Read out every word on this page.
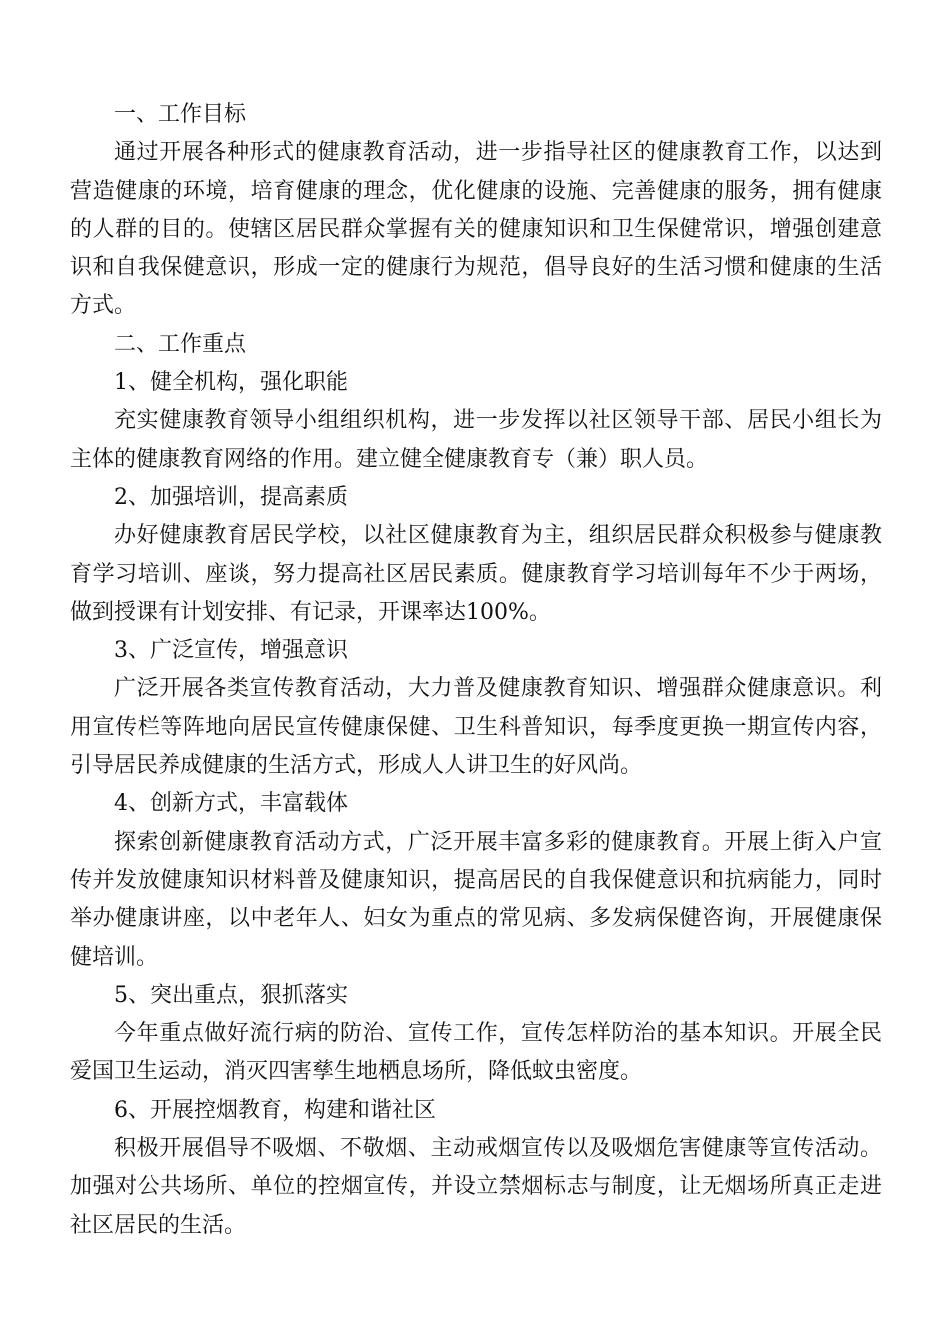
一、工作目标
通过开展各种形式的健康教育活动，进一步指导社区的健康教育工作，以达到
营造健康的环境，培育健康的理念，优化健康的设施、完善健康的服务，拥有健康
的人群的目的。使辖区居民群众掌握有关的健康知识和卫生保健常识，增强创建意
识和自我保健意识，形成一定的健康行为规范，倡导良好的生活习惯和健康的生活
方式。
二、工作重点
1、健全机构，强化职能
充实健康教育领导小组组织机构，进一步发挥以社区领导干部、居民小组长为
主体的健康教育网络的作用。建立健全健康教育专（兼）职人员。
2、加强培训，提高素质
办好健康教育居民学校，以社区健康教育为主，组织居民群众积极参与健康教
育学习培训、座谈，努力提高社区居民素质。健康教育学习培训每年不少于两场，
做到授课有计划安排、有记录，开课率达100%。
3、广泛宣传，增强意识
广泛开展各类宣传教育活动，大力普及健康教育知识、增强群众健康意识。利
用宣传栏等阵地向居民宣传健康保健、卫生科普知识，每季度更换一期宣传内容，
引导居民养成健康的生活方式，形成人人讲卫生的好风尚。
4、创新方式，丰富载体
探索创新健康教育活动方式，广泛开展丰富多彩的健康教育。开展上街入户宣
传并发放健康知识材料普及健康知识，提高居民的自我保健意识和抗病能力，同时
举办健康讲座，以中老年人、妇女为重点的常见病、多发病保健咨询，开展健康保
健培训。
5、突出重点，狠抓落实
今年重点做好流行病的防治、宣传工作，宣传怎样防治的基本知识。开展全民
爱国卫生运动，消灭四害孳生地栖息场所，降低蚊虫密度。
6、开展控烟教育，构建和谐社区
积极开展倡导不吸烟、不敬烟、主动戒烟宣传以及吸烟危害健康等宣传活动。
加强对公共场所、单位的控烟宣传，并设立禁烟标志与制度，让无烟场所真正走进
社区居民的生活。
